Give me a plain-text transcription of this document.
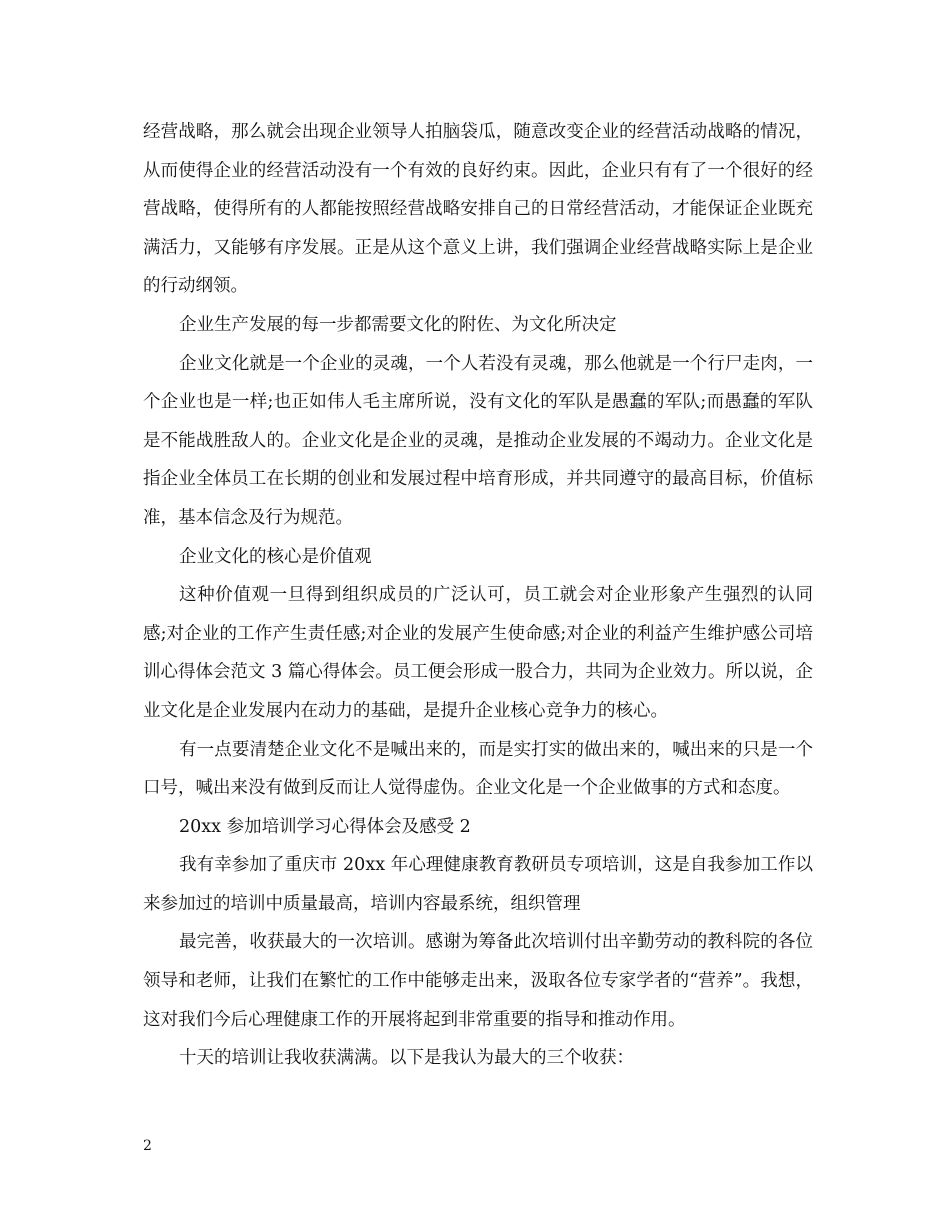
经营战略，那么就会出现企业领导人拍脑袋瓜，随意改变企业的经营活动战略的情况，从而使得企业的经营活动没有一个有效的良好约束。因此，企业只有有了一个很好的经营战略，使得所有的人都能按照经营战略安排自己的日常经营活动，才能保证企业既充满活力，又能够有序发展。正是从这个意义上讲，我们强调企业经营战略实际上是企业的行动纲领。

企业生产发展的每一步都需要文化的附佐、为文化所决定

企业文化就是一个企业的灵魂，一个人若没有灵魂，那么他就是一个行尸走肉，一个企业也是一样;也正如伟人毛主席所说，没有文化的军队是愚蠢的军队;而愚蠢的军队是不能战胜敌人的。企业文化是企业的灵魂，是推动企业发展的不竭动力。企业文化是指企业全体员工在长期的创业和发展过程中培育形成，并共同遵守的最高目标，价值标准，基本信念及行为规范。

企业文化的核心是价值观

这种价值观一旦得到组织成员的广泛认可，员工就会对企业形象产生强烈的认同感;对企业的工作产生责任感;对企业的发展产生使命感;对企业的利益产生维护感公司培训心得体会范文 3 篇心得体会。员工便会形成一股合力，共同为企业效力。所以说，企业文化是企业发展内在动力的基础，是提升企业核心竞争力的核心。

有一点要清楚企业文化不是喊出来的，而是实打实的做出来的，喊出来的只是一个口号，喊出来没有做到反而让人觉得虚伪。企业文化是一个企业做事的方式和态度。

20xx 参加培训学习心得体会及感受 2

我有幸参加了重庆市 20xx 年心理健康教育教研员专项培训，这是自我参加工作以来参加过的培训中质量最高，培训内容最系统，组织管理

最完善，收获最大的一次培训。感谢为筹备此次培训付出辛勤劳动的教科院的各位领导和老师，让我们在繁忙的工作中能够走出来，汲取各位专家学者的“营养”。我想，这对我们今后心理健康工作的开展将起到非常重要的指导和推动作用。

十天的培训让我收获满满。以下是我认为最大的三个收获：

2
